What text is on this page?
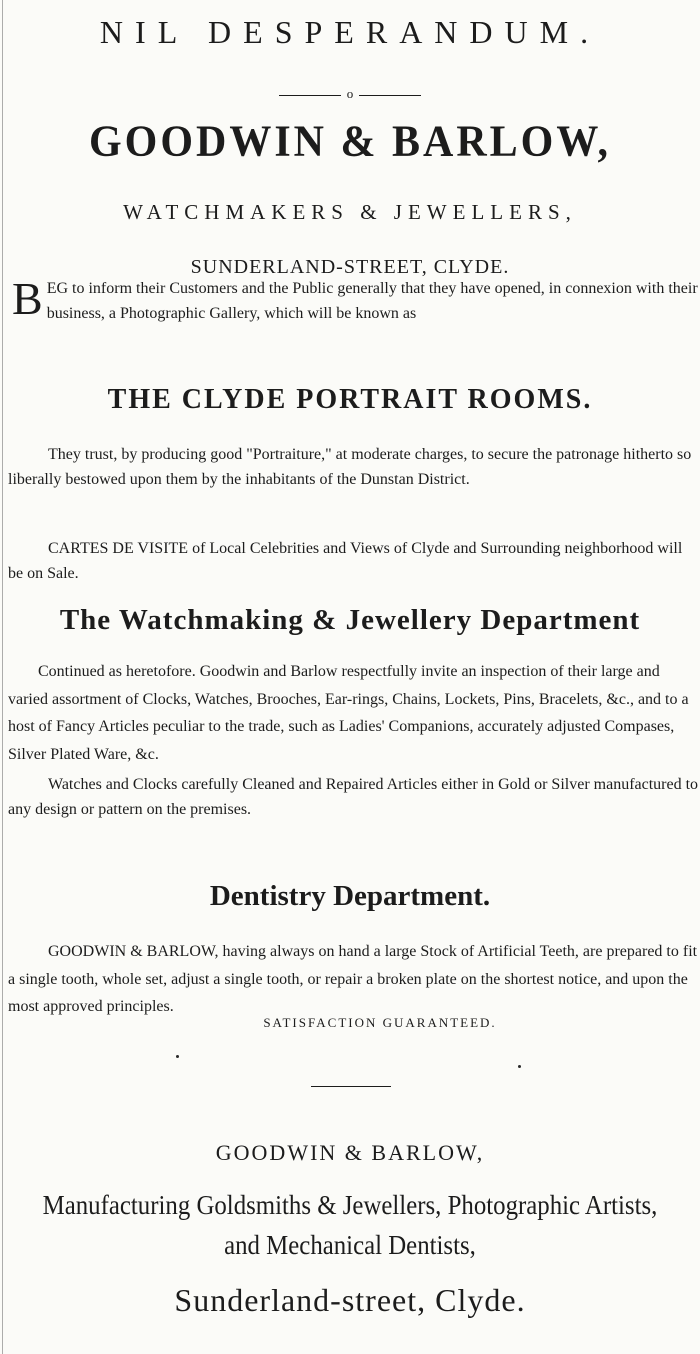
NIL DESPERANDUM.
o
GOODWIN & BARLOW,
WATCHMAKERS & JEWELLERS,
SUNDERLAND-STREET, CLYDE.
BEG to inform their Customers and the Public generally that they have opened, in connexion with their business, a Photographic Gallery, which will be known as
THE CLYDE PORTRAIT ROOMS.
They trust, by producing good "Portraiture," at moderate charges, to secure the patronage hitherto so liberally bestowed upon them by the inhabitants of the Dunstan District.
CARTES DE VISITE of Local Celebrities and Views of Clyde and Surrounding neighborhood will be on Sale.
The Watchmaking & Jewellery Department
Continued as heretofore. Goodwin and Barlow respectfully invite an inspection of their large and varied assortment of Clocks, Watches, Brooches, Ear-rings, Chains, Lockets, Pins, Bracelets, &c., and to a host of Fancy Articles peculiar to the trade, such as Ladies' Companions, accurately adjusted Compases, Silver Plated Ware, &c.
Watches and Clocks carefully Cleaned and Repaired Articles either in Gold or Silver manufactured to any design or pattern on the premises.
Dentistry Department.
GOODWIN & BARLOW, having always on hand a large Stock of Artificial Teeth, are prepared to fit a single tooth, whole set, adjust a single tooth, or repair a broken plate on the shortest notice, and upon the most approved principles.
SATISFACTION GUARANTEED.
GOODWIN & BARLOW,
Manufacturing Goldsmiths & Jewellers, Photographic Artists, and Mechanical Dentists,
Sunderland-street, Clyde.
